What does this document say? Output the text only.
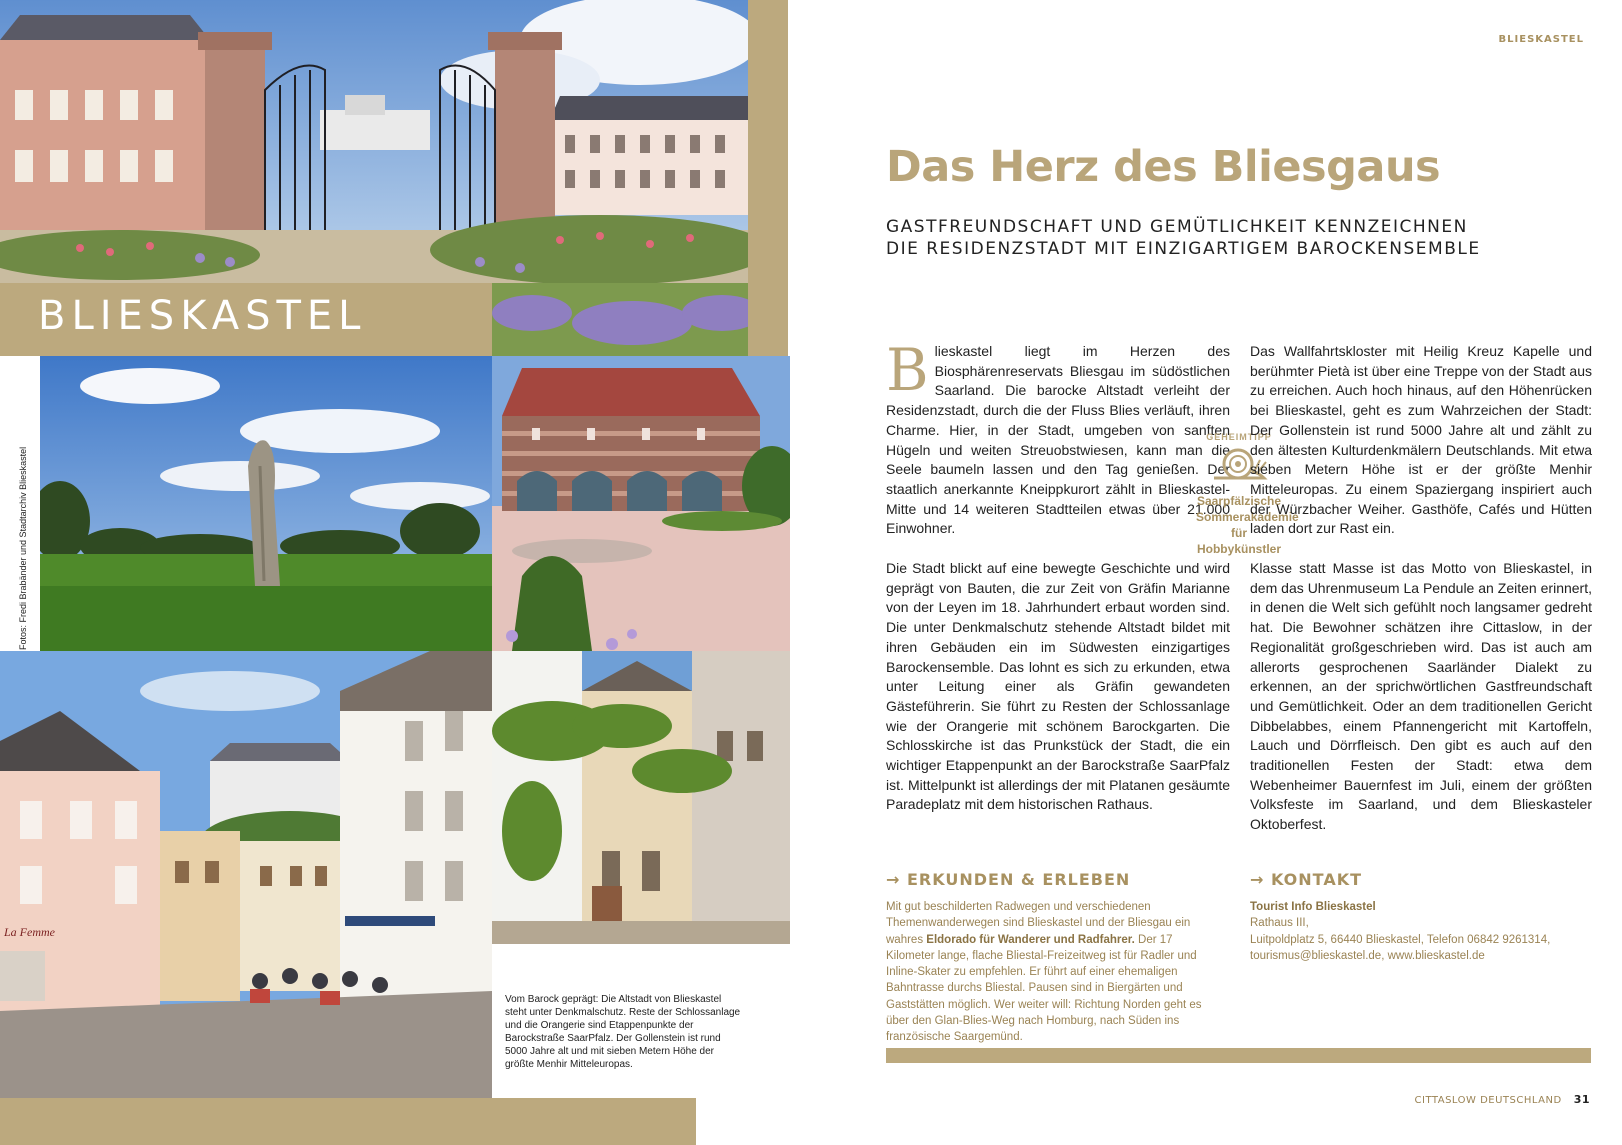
BLIESKASTEL
Fotos: Fredi Brabänder und Stadtarchiv Blieskastel
La Femme
Vom Barock geprägt: Die Altstadt von Blieskastel steht unter Denkmalschutz. Reste der Schlossanlage und die Orangerie sind Etappenpunkte der Barockstraße SaarPfalz. Der Gollenstein ist rund 5000 Jahre alt und mit sieben Metern Höhe der größte Menhir Mitteleuropas.
BLIESKASTEL
Das Herz des Bliesgaus
GASTFREUNDSCHAFT UND GEMÜTLICHKEIT KENNZEICHNEN
DIE RESIDENZSTADT MIT EINZIGARTIGEM BAROCKENSEMBLE

B lieskastel liegt im Herzen des Biosphärenreservats Bliesgau im südöstlichen Saarland. Die barocke Altstadt verleiht der Residenzstadt, durch die der Fluss Blies verläuft, ihren Charme. Hier, in der Stadt, umgeben von sanften Hügeln und weiten Streuobstwiesen, kann man die Seele baumeln lassen und den Tag genießen. Der staatlich anerkannte Kneippkurort zählt in Blieskastel-Mitte und 14 weiteren Stadtteilen etwas über 21.000 Einwohner.

Die Stadt blickt auf eine bewegte Geschichte und wird geprägt von Bauten, die zur Zeit von Gräfin Marianne von der Leyen im 18. Jahrhundert erbaut worden sind. Die unter Denkmalschutz stehende Altstadt bildet mit ihren Gebäuden ein im Südwesten einzigartiges Barockensemble. Das lohnt es sich zu erkunden, etwa unter Leitung einer als Gräfin gewandeten Gästeführerin. Sie führt zu Resten der Schlossanlage wie der Orangerie mit schönem Barockgarten. Die Schlosskirche ist das Prunkstück der Stadt, die ein wichtiger Etappenpunkt an der Barockstraße SaarPfalz ist. Mittelpunkt ist allerdings der mit Platanen gesäumte Paradeplatz mit dem historischen Rathaus.

GEHEIMTIPP
Saarpfälzische Sommerakademie für Hobbykünstler

Das Wallfahrtskloster mit Heilig Kreuz Kapelle und berühmter Pietà ist über eine Treppe von der Stadt aus zu erreichen. Auch hoch hinaus, auf den Höhenrücken bei Blieskastel, geht es zum Wahrzeichen der Stadt: Der Gollenstein ist rund 5000 Jahre alt und zählt zu den ältesten Kulturdenkmälern Deutschlands. Mit etwa sieben Metern Höhe ist er der größte Menhir Mitteleuropas. Zu einem Spaziergang inspiriert auch der Würzbacher Weiher. Gasthöfe, Cafés und Hütten laden dort zur Rast ein.

Klasse statt Masse ist das Motto von Blieskastel, in dem das Uhrenmuseum La Pendule an Zeiten erinnert, in denen die Welt sich gefühlt noch langsamer gedreht hat. Die Bewohner schätzen ihre Cittaslow, in der Regionalität großgeschrieben wird. Das ist auch am allerorts gesprochenen Saarländer Dialekt zu erkennen, an der sprichwörtlichen Gastfreundschaft und Gemütlichkeit. Oder an dem traditionellen Gericht Dibbelabbes, einem Pfannengericht mit Kartoffeln, Lauch und Dörrfleisch. Den gibt es auch auf den traditionellen Festen der Stadt: etwa dem Webenheimer Bauernfest im Juli, einem der größten Volksfeste im Saarland, und dem Blieskasteler Oktoberfest.

→ ERKUNDEN & ERLEBEN
Mit gut beschilderten Radwegen und verschiedenen Themenwanderwegen sind Blieskastel und der Bliesgau ein wahres Eldorado für Wanderer und Radfahrer. Der 17 Kilometer lange, flache Bliestal-Freizeitweg ist für Radler und Inline-Skater zu empfehlen. Er führt auf einer ehemaligen Bahntrasse durchs Bliestal. Pausen sind in Biergärten und Gaststätten möglich. Wer weiter will: Richtung Norden geht es über den Glan-Blies-Weg nach Homburg, nach Süden ins französische Saargemünd.
→ KONTAKT
Tourist Info Blieskastel
Rathaus III,
Luitpoldplatz 5, 66440 Blieskastel, Telefon 06842 9261314,
tourismus@blieskastel.de, www.blieskastel.de
CITTASLOW DEUTSCHLAND 31
